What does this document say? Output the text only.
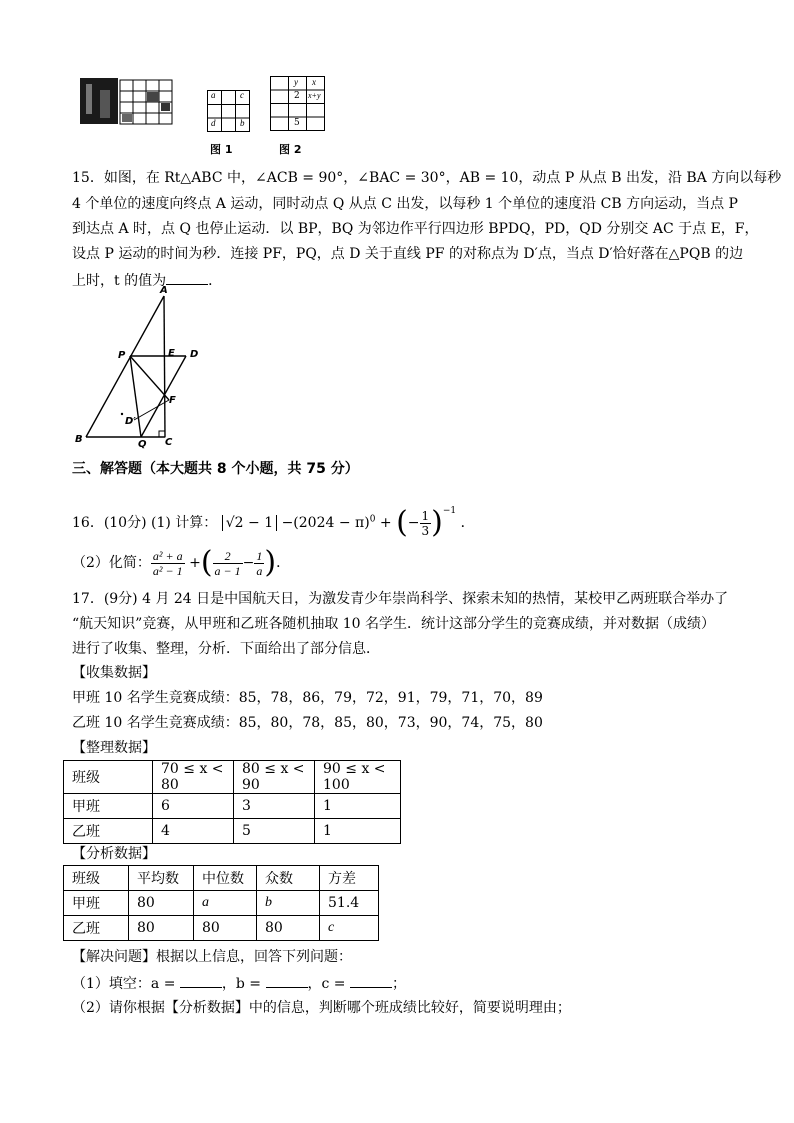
a	c
d	b
y x
2 x+y
5
图 1	图 2
15．如图，在 Rt△ABC 中，∠ACB = 90°，∠BAC = 30°，AB = 10，动点 P 从点 B 出发，沿 BA 方向以每秒
4 个单位的速度向终点 A 运动，同时动点 Q 从点 C 出发，以每秒 1 个单位的速度沿 CB 方向运动，当点 P
到达点 A 时，点 Q 也停止运动．以 BP，BQ 为邻边作平行四边形 BPDQ，PD，QD 分别交 AC 于点 E，F，
设点 P 运动的时间为秒．连接 PF，PQ，点 D 关于直线 PF 的对称点为 D′点，当点 D′恰好落在△PQB 的边
上时，t 的值为	．
A
P	E D
F
D′
B	Q C
三、解答题（本大题共 8 个小题，共 75 分）
16．(10分) (1) 计算： $√2 - 1 -(2024 - \pi)^0$ + (− $\frac{1}{3} )^{-1}$ ．
（2）化简： $\frac{\text{a² + a}}{\text{a² − 1}}$ +( $\frac{2}{a - 1} - \frac{1}{a}$ )．
17．(9分) 4 月 24 日是中国航天日，为激发青少年崇尚科学、探索未知的热情，某校甲乙两班联合举办了
“航天知识”竞赛，从甲班和乙班各随机抽取 10 名学生．统计这部分学生的竞赛成绩，并对数据（成绩）
进行了收集、整理，分析．下面给出了部分信息．
【收集数据】
甲班 10 名学生竞赛成绩：85，78，86，79，72，91，79，71，70，89
乙班 10 名学生竞赛成绩：85，80，78，85，80，73，90，74，75，80
【整理数据】
班级	70 ≤ x < 80	80 ≤ x < 90	90 ≤ x < 100
甲班	6	3	1
乙班	4	5	1
【分析数据】
班级	平均数	中位数	众数	方差
甲班	80	a	b	51.4
乙班	80	80	80	c
【解决问题】根据以上信息，回答下列问题：
（1）填空：a =	，b =	，c =	；
（2）请你根据【分析数据】中的信息，判断哪个班成绩比较好，简要说明理由；
